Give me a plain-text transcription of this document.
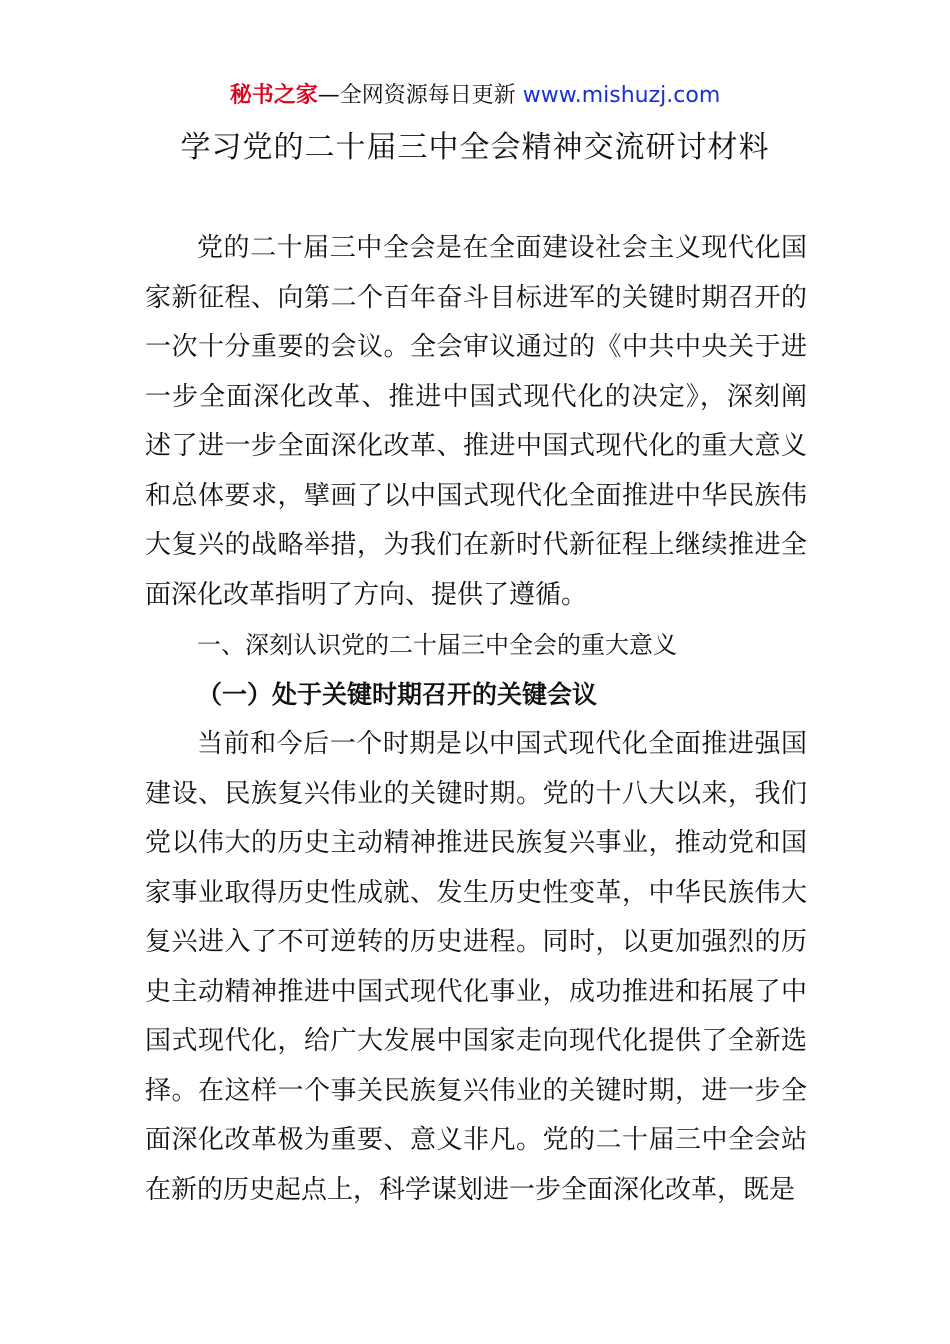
秘书之家—全网资源每日更新 www.mishuzj.com
学习党的二十届三中全会精神交流研讨材料

党的二十届三中全会是在全面建设社会主义现代化国家新征程、向第二个百年奋斗目标进军的关键时期召开的一次十分重要的会议。全会审议通过的《中共中央关于进一步全面深化改革、推进中国式现代化的决定》，深刻阐述了进一步全面深化改革、推进中国式现代化的重大意义和总体要求，擘画了以中国式现代化全面推进中华民族伟大复兴的战略举措，为我们在新时代新征程上继续推进全面深化改革指明了方向、提供了遵循。

一、深刻认识党的二十届三中全会的重大意义

（一）处于关键时期召开的关键会议

当前和今后一个时期是以中国式现代化全面推进强国建设、民族复兴伟业的关键时期。党的十八大以来，我们党以伟大的历史主动精神推进民族复兴事业，推动党和国家事业取得历史性成就、发生历史性变革，中华民族伟大复兴进入了不可逆转的历史进程。同时，以更加强烈的历史主动精神推进中国式现代化事业，成功推进和拓展了中国式现代化，给广大发展中国家走向现代化提供了全新选择。在这样一个事关民族复兴伟业的关键时期，进一步全面深化改革极为重要、意义非凡。党的二十届三中全会站在新的历史起点上，科学谋划进一步全面深化改革，既是
